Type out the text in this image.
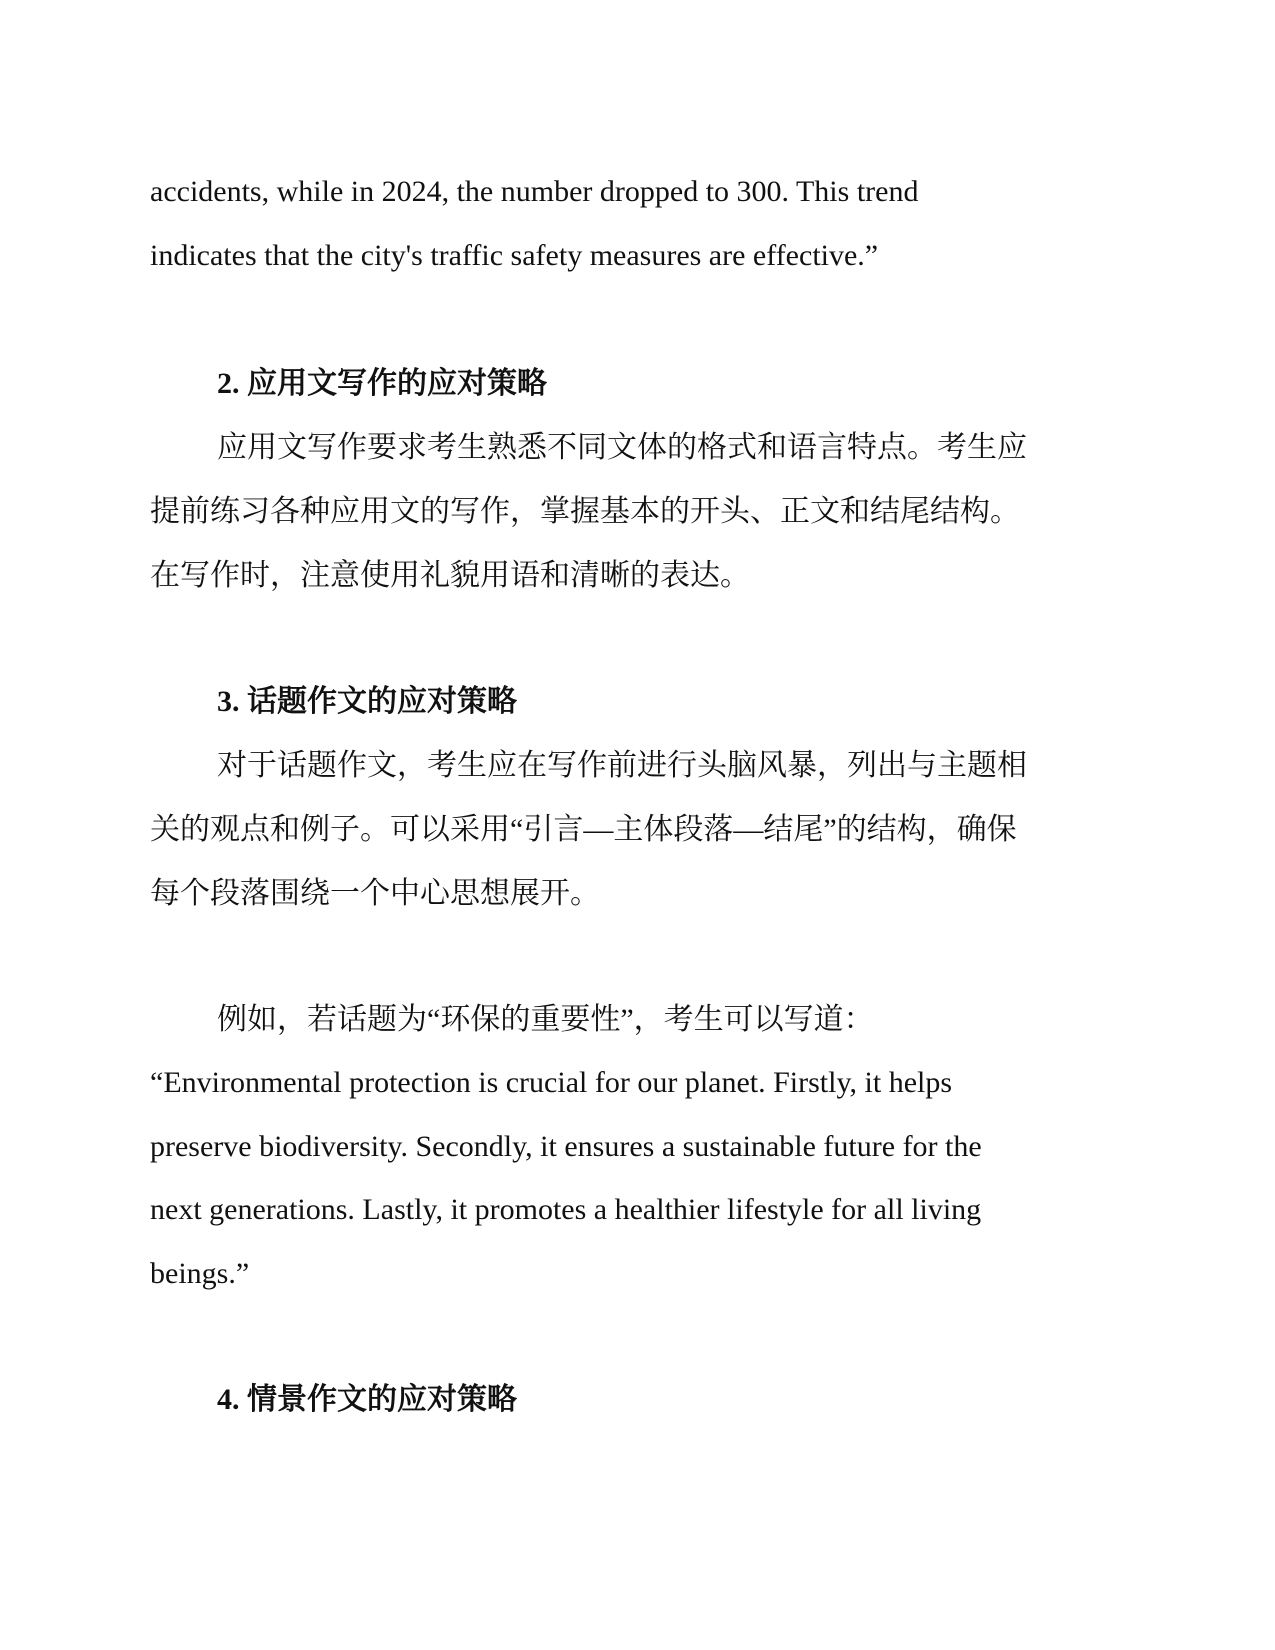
accidents, while in 2024, the number dropped to 300. This trend
indicates that the city's traffic safety measures are effective.”
2. 应用文写作的应对策略
应用文写作要求考生熟悉不同文体的格式和语言特点。考生应
提前练习各种应用文的写作，掌握基本的开头、正文和结尾结构。
在写作时，注意使用礼貌用语和清晰的表达。
3. 话题作文的应对策略
对于话题作文，考生应在写作前进行头脑风暴，列出与主题相
关的观点和例子。可以采用“引言—主体段落—结尾”的结构，确保
每个段落围绕一个中心思想展开。
例如，若话题为“环保的重要性”，考生可以写道：
“Environmental protection is crucial for our planet. Firstly, it helps
preserve biodiversity. Secondly, it ensures a sustainable future for the
next generations. Lastly, it promotes a healthier lifestyle for all living
beings.”
4. 情景作文的应对策略
